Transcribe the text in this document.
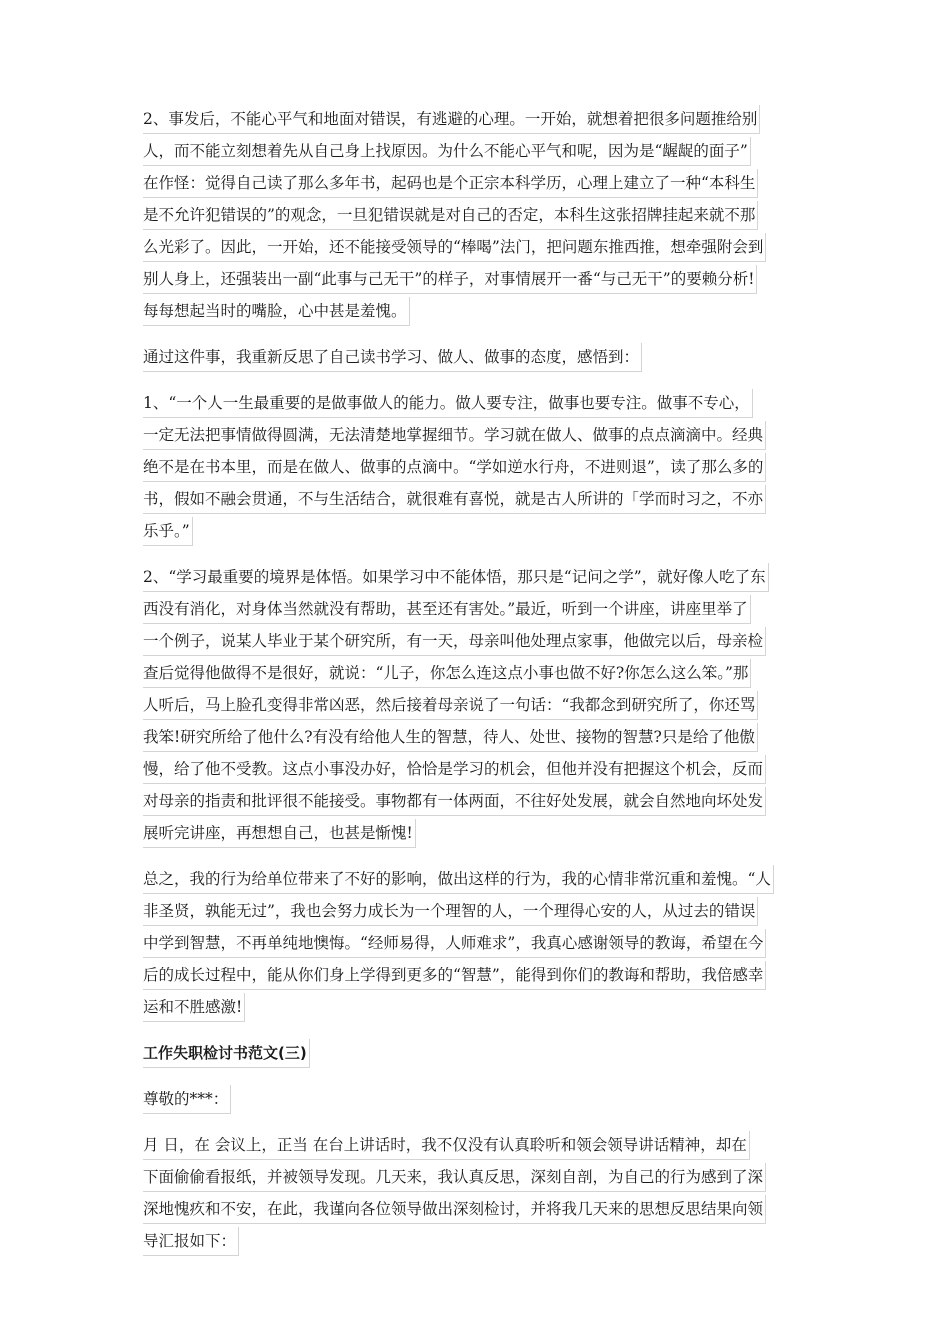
2、事发后，不能心平气和地面对错误，有逃避的心理。一开始，就想着把很多问题推给别
人，而不能立刻想着先从自己身上找原因。为什么不能心平气和呢，因为是“龌龊的面子”
在作怪：觉得自己读了那么多年书，起码也是个正宗本科学历，心理上建立了一种“本科生
是不允许犯错误的”的观念，一旦犯错误就是对自己的否定，本科生这张招牌挂起来就不那
么光彩了。因此，一开始，还不能接受领导的“棒喝”法门，把问题东推西推，想牵强附会到
别人身上，还强装出一副“此事与己无干”的样子，对事情展开一番“与己无干”的要赖分析!
每每想起当时的嘴脸，心中甚是羞愧。
通过这件事，我重新反思了自己读书学习、做人、做事的态度，感悟到：
1、“一个人一生最重要的是做事做人的能力。做人要专注，做事也要专注。做事不专心，
一定无法把事情做得圆满，无法清楚地掌握细节。学习就在做人、做事的点点滴滴中。经典
绝不是在书本里，而是在做人、做事的点滴中。“学如逆水行舟，不进则退”，读了那么多的
书，假如不融会贯通，不与生活结合，就很难有喜悦，就是古人所讲的「学而时习之，不亦
乐乎。”
2、“学习最重要的境界是体悟。如果学习中不能体悟，那只是“记问之学”，就好像人吃了东
西没有消化，对身体当然就没有帮助，甚至还有害处。”最近，听到一个讲座，讲座里举了
一个例子，说某人毕业于某个研究所，有一天，母亲叫他处理点家事，他做完以后，母亲检
查后觉得他做得不是很好，就说：“儿子，你怎么连这点小事也做不好?你怎么这么笨。”那
人听后，马上脸孔变得非常凶恶，然后接着母亲说了一句话：“我都念到研究所了，你还骂
我笨!研究所给了他什么?有没有给他人生的智慧，待人、处世、接物的智慧?只是给了他傲
慢，给了他不受教。这点小事没办好，恰恰是学习的机会，但他并没有把握这个机会，反而
对母亲的指责和批评很不能接受。事物都有一体两面，不往好处发展，就会自然地向坏处发
展听完讲座，再想想自己，也甚是惭愧!
总之，我的行为给单位带来了不好的影响，做出这样的行为，我的心情非常沉重和羞愧。“人
非圣贤，孰能无过”，我也会努力成长为一个理智的人，一个理得心安的人，从过去的错误
中学到智慧，不再单纯地懊悔。“经师易得，人师难求”，我真心感谢领导的教诲，希望在今
后的成长过程中，能从你们身上学得到更多的“智慧”，能得到你们的教诲和帮助，我倍感幸
运和不胜感激!
工作失职检讨书范文(三)
尊敬的***：
月 日，在 会议上，正当 在台上讲话时，我不仅没有认真聆听和领会领导讲话精神，却在
下面偷偷看报纸，并被领导发现。几天来，我认真反思，深刻自剖，为自己的行为感到了深
深地愧疚和不安，在此，我谨向各位领导做出深刻检讨，并将我几天来的思想反思结果向领
导汇报如下：
